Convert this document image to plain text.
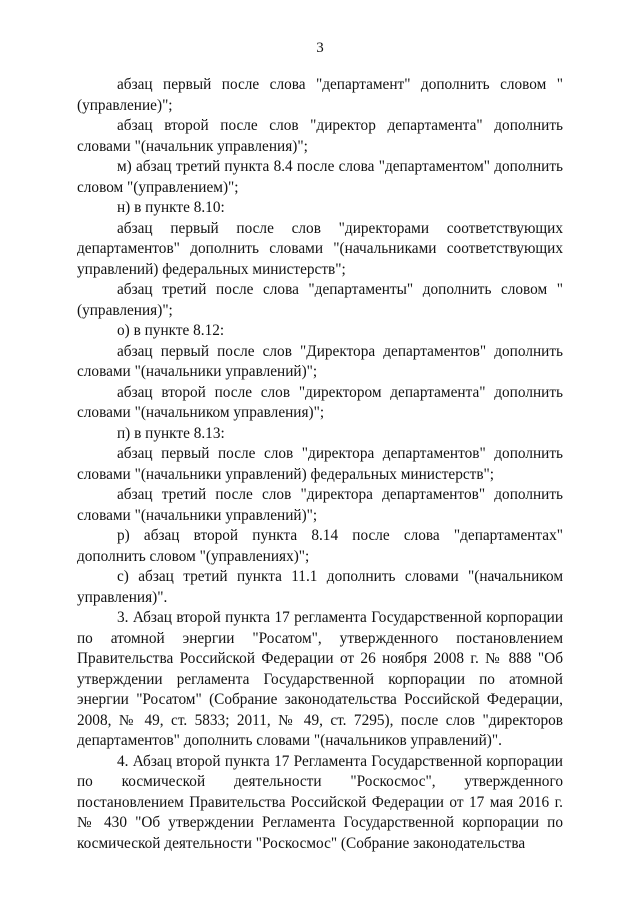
3

абзац первый после слова "департамент" дополнить словом "(управление)";

абзац второй после слов "директор департамента" дополнить словами "(начальник управления)";

м) абзац третий пункта 8.4 после слова "департаментом" дополнить словом "(управлением)";

н) в пункте 8.10:

абзац первый после слов "директорами соответствующих департаментов" дополнить словами "(начальниками соответствующих управлений) федеральных министерств";

абзац третий после слова "департаменты" дополнить словом "(управления)";

о) в пункте 8.12:

абзац первый после слов "Директора департаментов" дополнить словами "(начальники управлений)";

абзац второй после слов "директором департамента" дополнить словами "(начальником управления)";

п) в пункте 8.13:

абзац первый после слов "директора департаментов" дополнить словами "(начальники управлений) федеральных министерств";

абзац третий после слов "директора департаментов" дополнить словами "(начальники управлений)";

р) абзац второй пункта 8.14 после слова "департаментах" дополнить словом "(управлениях)";

с) абзац третий пункта 11.1 дополнить словами "(начальником управления)".

3. Абзац второй пункта 17 регламента Государственной корпорации по атомной энергии "Росатом", утвержденного постановлением Правительства Российской Федерации от 26 ноября 2008 г. № 888 "Об утверждении регламента Государственной корпорации по атомной энергии "Росатом" (Собрание законодательства Российской Федерации, 2008, № 49, ст. 5833; 2011, № 49, ст. 7295), после слов "директоров департаментов" дополнить словами "(начальников управлений)".

4. Абзац второй пункта 17 Регламента Государственной корпорации по космической деятельности "Роскосмос", утвержденного постановлением Правительства Российской Федерации от 17 мая 2016 г. № 430 "Об утверждении Регламента Государственной корпорации по космической деятельности "Роскосмос" (Собрание законодательства
